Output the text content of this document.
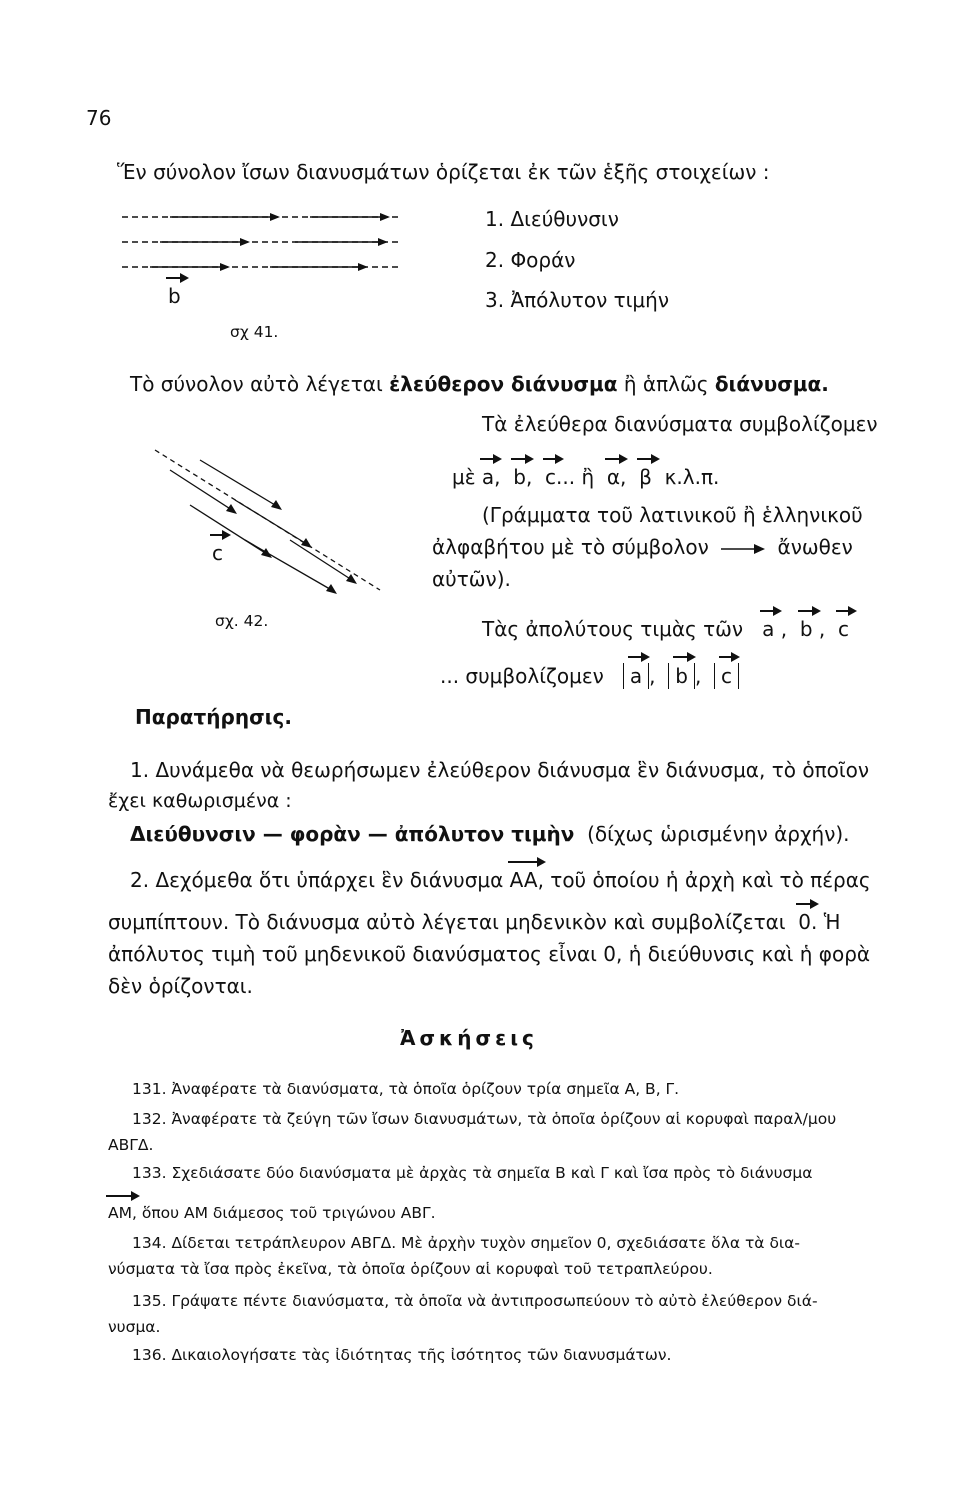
76
Ἕν σύνολον ἴσων διανυσμάτων ὁρίζεται ἐκ τῶν ἑξῆς στοιχείων :
b
1. Διεύθυνσιν
2. Φοράν
3. Ἀπόλυτον τιμήν
σχ 41.
Τὸ σύνολον αὐτὸ λέγεται ἐλεύθερον διάνυσμα ἢ ἁπλῶς διάνυσμα.
Τὰ ἐλεύθερα διανύσματα συμβολίζομεν
c
μὲ a,  b,  c... ἢ α,  β κ.λ.π.
(Γράμματα τοῦ λατινικοῦ ἢ ἑλληνικοῦ
ἀλφαβήτου μὲ τὸ σύμβολον	ἄνωθεν
αὐτῶν).
σχ. 42.	Τὰς ἀπολύτους τιμὰς τῶν a ,  b ,  c
... συμβολίζομεν a ,  b ,  c
Παρατήρησις.
1. Δυνάμεθα νὰ θεωρήσωμεν ἐλεύθερον διάνυσμα ἓν διάνυσμα, τὸ ὁποῖον
ἔχει καθωρισμένα :
Διεύθυνσιν — φορὰν — ἀπόλυτον τιμὴν (δίχως ὡρισμένην ἀρχήν).
2. Δεχόμεθα ὅτι ὑπάρχει ἓν διάνυσμα AA, τοῦ ὁποίου ἡ ἀρχὴ καὶ τὸ πέρας
συμπίπτουν. Τὸ διάνυσμα αὐτὸ λέγεται μηδενικὸν καὶ συμβολίζεται 0. Ἡ
ἀπόλυτος τιμὴ τοῦ μηδενικοῦ διανύσματος εἶναι 0, ἡ διεύθυνσις καὶ ἡ φορὰ
δὲν ὁρίζονται.
Ἀσκήσεις
131. Ἀναφέρατε τὰ διανύσματα, τὰ ὁποῖα ὁρίζουν τρία σημεῖα A, B, Γ.
132. Ἀναφέρατε τὰ ζεύγη τῶν ἴσων διανυσμάτων, τὰ ὁποῖα ὁρίζουν αἱ κορυφαὶ παραλ/μου
ΑΒΓΔ.
133. Σχεδιάσατε δύο διανύσματα μὲ ἀρχὰς τὰ σημεῖα Β καὶ Γ καὶ ἴσα πρὸς τὸ διάνυσμα
AM, ὅπου ΑΜ διάμεσος τοῦ τριγώνου ΑΒΓ.
134. Δίδεται τετράπλευρον ΑΒΓΔ. Μὲ ἀρχὴν τυχὸν σημεῖον 0, σχεδιάσατε ὅλα τὰ δια-
νύσματα τὰ ἴσα πρὸς ἐκεῖνα, τὰ ὁποῖα ὁρίζουν αἱ κορυφαὶ τοῦ τετραπλεύρου.
135. Γράψατε πέντε διανύσματα, τὰ ὁποῖα νὰ ἀντιπροσωπεύουν τὸ αὐτὸ ἐλεύθερον διά-
νυσμα.
136. Δικαιολογήσατε τὰς ἰδιότητας τῆς ἰσότητος τῶν διανυσμάτων.
